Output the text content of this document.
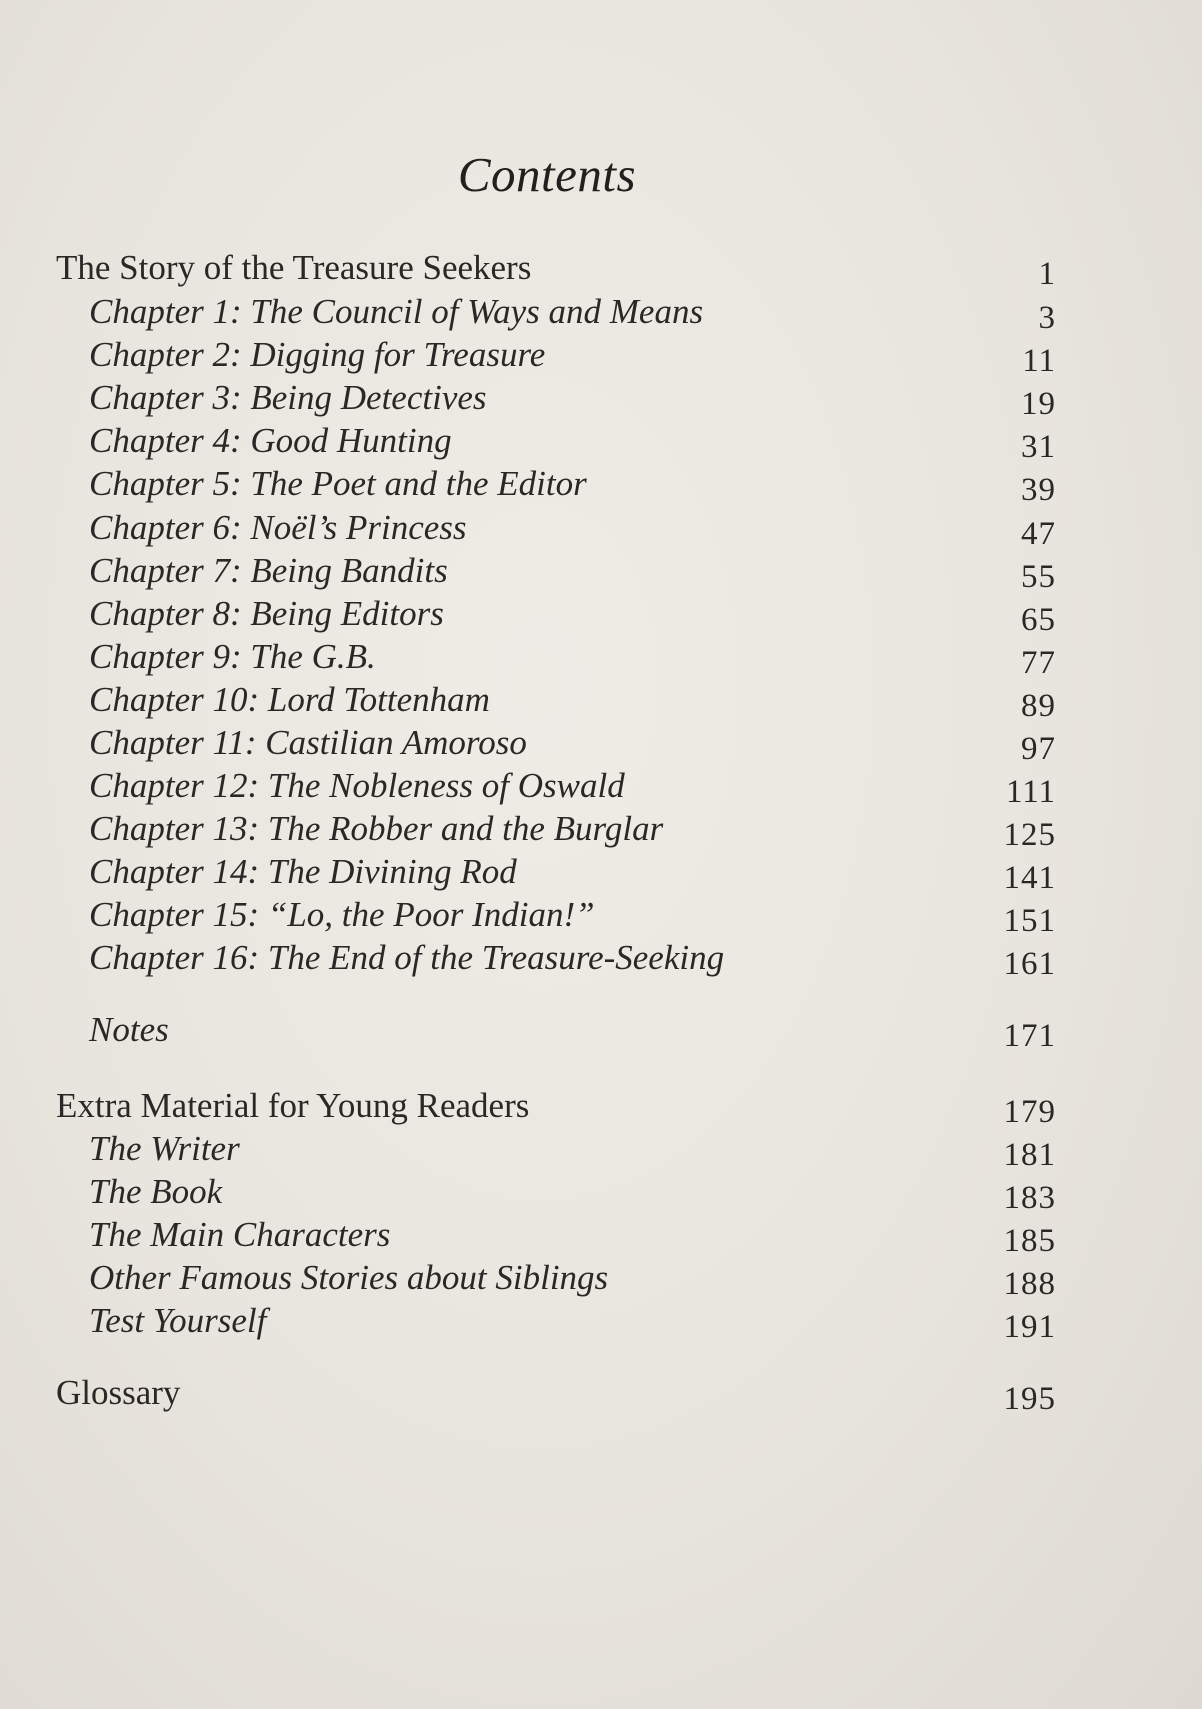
Contents
The Story of the Treasure Seekers	1
Chapter 1: The Council of Ways and Means	3
Chapter 2: Digging for Treasure	11
Chapter 3: Being Detectives	19
Chapter 4: Good Hunting	31
Chapter 5: The Poet and the Editor	39
Chapter 6: Noël’s Princess	47
Chapter 7: Being Bandits	55
Chapter 8: Being Editors	65
Chapter 9: The G.B.	77
Chapter 10: Lord Tottenham	89
Chapter 11: Castilian Amoroso	97
Chapter 12: The Nobleness of Oswald	111
Chapter 13: The Robber and the Burglar	125
Chapter 14: The Divining Rod	141
Chapter 15: “Lo, the Poor Indian!”	151
Chapter 16: The End of the Treasure-Seeking	161
Notes	171
Extra Material for Young Readers	179
The Writer	181
The Book	183
The Main Characters	185
Other Famous Stories about Siblings	188
Test Yourself	191
Glossary	195
